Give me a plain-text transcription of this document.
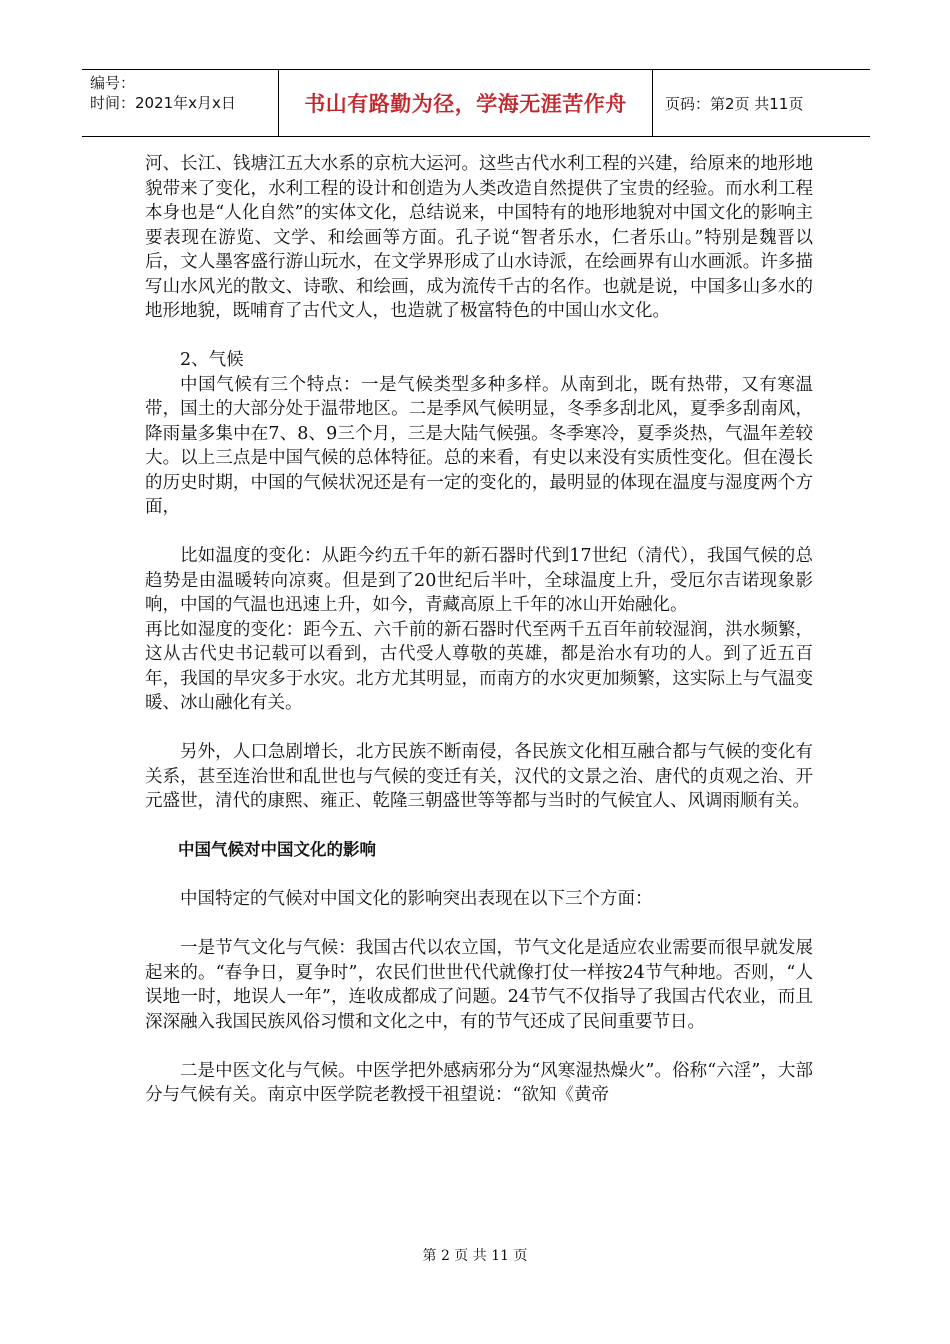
编号：
时间：2021年x月x日	书山有路勤为径，学海无涯苦作舟	页码：第2页 共11页

河、长江、钱塘江五大水系的京杭大运河。这些古代水利工程的兴建，给原来的地形地貌带来了变化，水利工程的设计和创造为人类改造自然提供了宝贵的经验。而水利工程本身也是“人化自然”的实体文化，总结说来，中国特有的地形地貌对中国文化的影响主要表现在游览、文学、和绘画等方面。孔子说“智者乐水，仁者乐山。”特别是魏晋以后，文人墨客盛行游山玩水，在文学界形成了山水诗派，在绘画界有山水画派。许多描写山水风光的散文、诗歌、和绘画，成为流传千古的名作。也就是说，中国多山多水的地形地貌，既哺育了古代文人，也造就了极富特色的中国山水文化。

2、气候

中国气候有三个特点：一是气候类型多种多样。从南到北，既有热带，又有寒温带，国土的大部分处于温带地区。二是季风气候明显，冬季多刮北风，夏季多刮南风，降雨量多集中在7、8、9三个月，三是大陆气候强。冬季寒冷，夏季炎热，气温年差较大。以上三点是中国气候的总体特征。总的来看，有史以来没有实质性变化。但在漫长的历史时期，中国的气候状况还是有一定的变化的，最明显的体现在温度与湿度两个方面，

比如温度的变化：从距今约五千年的新石器时代到17世纪（清代），我国气候的总趋势是由温暖转向凉爽。但是到了20世纪后半叶，全球温度上升，受厄尔吉诺现象影响，中国的气温也迅速上升，如今，青藏高原上千年的冰山开始融化。

再比如湿度的变化：距今五、六千前的新石器时代至两千五百年前较湿润，洪水频繁，这从古代史书记载可以看到，古代受人尊敬的英雄，都是治水有功的人。到了近五百年，我国的旱灾多于水灾。北方尤其明显，而南方的水灾更加频繁，这实际上与气温变暖、冰山融化有关。

另外，人口急剧增长，北方民族不断南侵，各民族文化相互融合都与气候的变化有关系，甚至连治世和乱世也与气候的变迁有关，汉代的文景之治、唐代的贞观之治、开元盛世，清代的康熙、雍正、乾隆三朝盛世等等都与当时的气候宜人、风调雨顺有关。

中国气候对中国文化的影响

中国特定的气候对中国文化的影响突出表现在以下三个方面：

一是节气文化与气候：我国古代以农立国，节气文化是适应农业需要而很早就发展起来的。“春争日，夏争时”，农民们世世代代就像打仗一样按24节气种地。否则，“人误地一时，地误人一年”，连收成都成了问题。24节气不仅指导了我国古代农业，而且深深融入我国民族风俗习惯和文化之中，有的节气还成了民间重要节日。

二是中医文化与气候。中医学把外感病邪分为“风寒湿热燥火”。俗称“六淫”，大部分与气候有关。南京中医学院老教授干祖望说：“欲知《黄帝

第 2 页 共 11 页
